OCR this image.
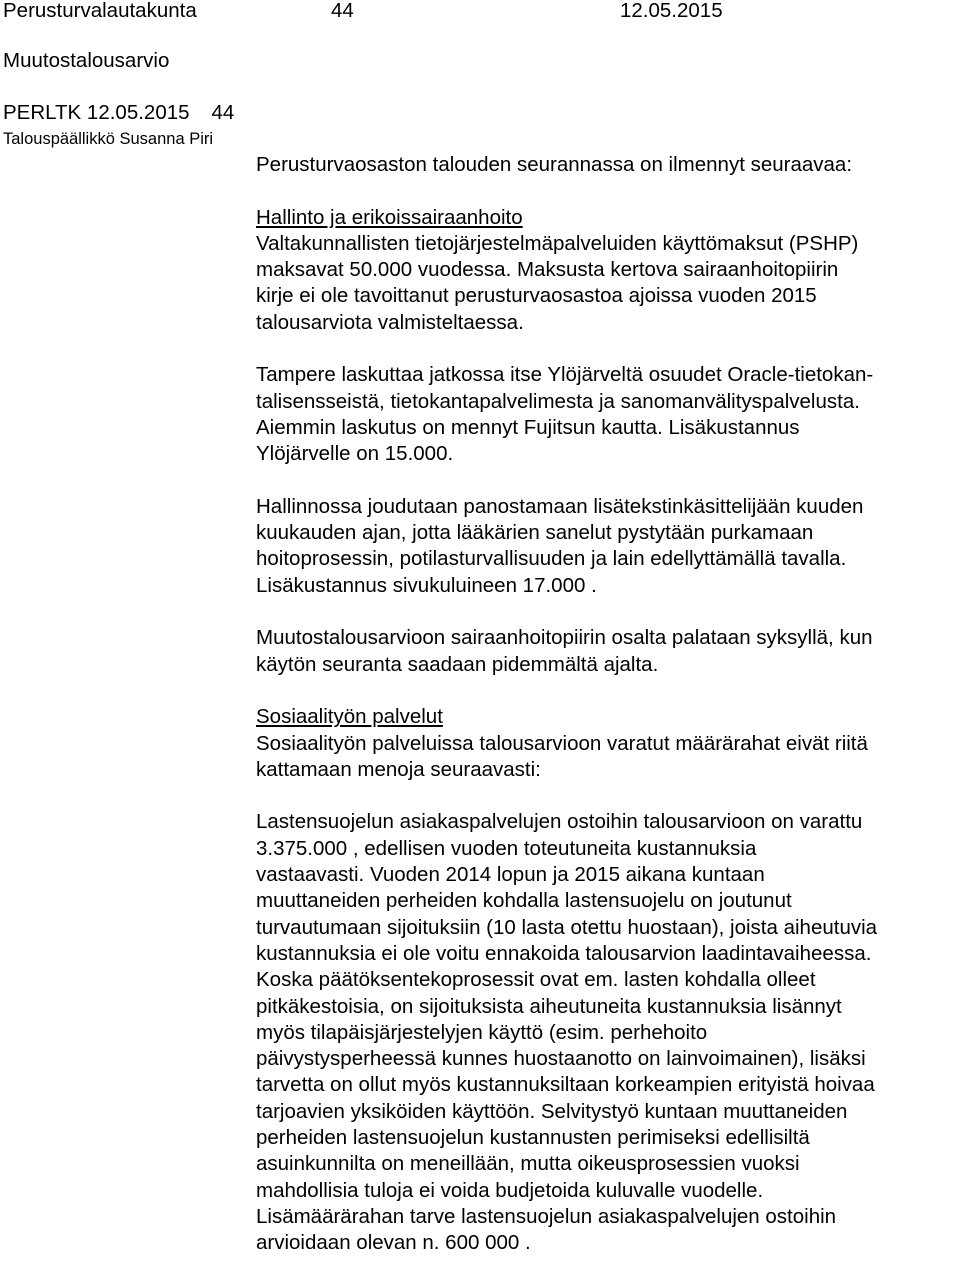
Perusturvalautakunta	44	12.05.2015
Muutostalousarvio
PERLTK 12.05.2015 44
Talouspäällikkö Susanna Piri

Perusturvaosaston talouden seurannassa on ilmennyt seuraavaa:

Hallinto ja erikoissairaanhoito

Valtakunnallisten tietojärjestelmäpalveluiden käyttömaksut (PSHP)

maksavat 50.000 vuodessa. Maksusta kertova sairaanhoitopiirin

kirje ei ole tavoittanut perusturvaosastoa ajoissa vuoden 2015

talousarviota valmisteltaessa.

Tampere laskuttaa jatkossa itse Ylöjärveltä osuudet Oracle-tietokan-

talisensseistä, tietokantapalvelimesta ja sanomanvälityspalvelusta.

Aiemmin laskutus on mennyt Fujitsun kautta. Lisäkustannus

Ylöjärvelle on 15.000.

Hallinnossa joudutaan panostamaan lisätekstinkäsittelijään kuuden

kuukauden ajan, jotta lääkärien sanelut pystytään purkamaan

hoitoprosessin, potilasturvallisuuden ja lain edellyttämällä tavalla.

Lisäkustannus sivukuluineen 17.000 .

Muutostalousarvioon sairaanhoitopiirin osalta palataan syksyllä, kun

käytön seuranta saadaan pidemmältä ajalta.

Sosiaalityön palvelut

Sosiaalityön palveluissa talousarvioon varatut määrärahat eivät riitä

kattamaan menoja seuraavasti:

Lastensuojelun asiakaspalvelujen ostoihin talousarvioon on varattu

3.375.000 , edellisen vuoden toteutuneita kustannuksia

vastaavasti. Vuoden 2014 lopun ja 2015 aikana kuntaan

muuttaneiden perheiden kohdalla lastensuojelu on joutunut

turvautumaan sijoituksiin (10 lasta otettu huostaan), joista aiheutuvia

kustannuksia ei ole voitu ennakoida talousarvion laadintavaiheessa.

Koska päätöksentekoprosessit ovat em. lasten kohdalla olleet

pitkäkestoisia, on sijoituksista aiheutuneita kustannuksia lisännyt

myös tilapäisjärjestelyjen käyttö (esim. perhehoito

päivystysperheessä kunnes huostaanotto on lainvoimainen), lisäksi

tarvetta on ollut myös kustannuksiltaan korkeampien erityistä hoivaa

tarjoavien yksiköiden käyttöön. Selvitystyö kuntaan muuttaneiden

perheiden lastensuojelun kustannusten perimiseksi edellisiltä

asuinkunnilta on meneillään, mutta oikeusprosessien vuoksi

mahdollisia tuloja ei voida budjetoida kuluvalle vuodelle.

Lisämäärärahan tarve lastensuojelun asiakaspalvelujen ostoihin

arvioidaan olevan n. 600 000 .
